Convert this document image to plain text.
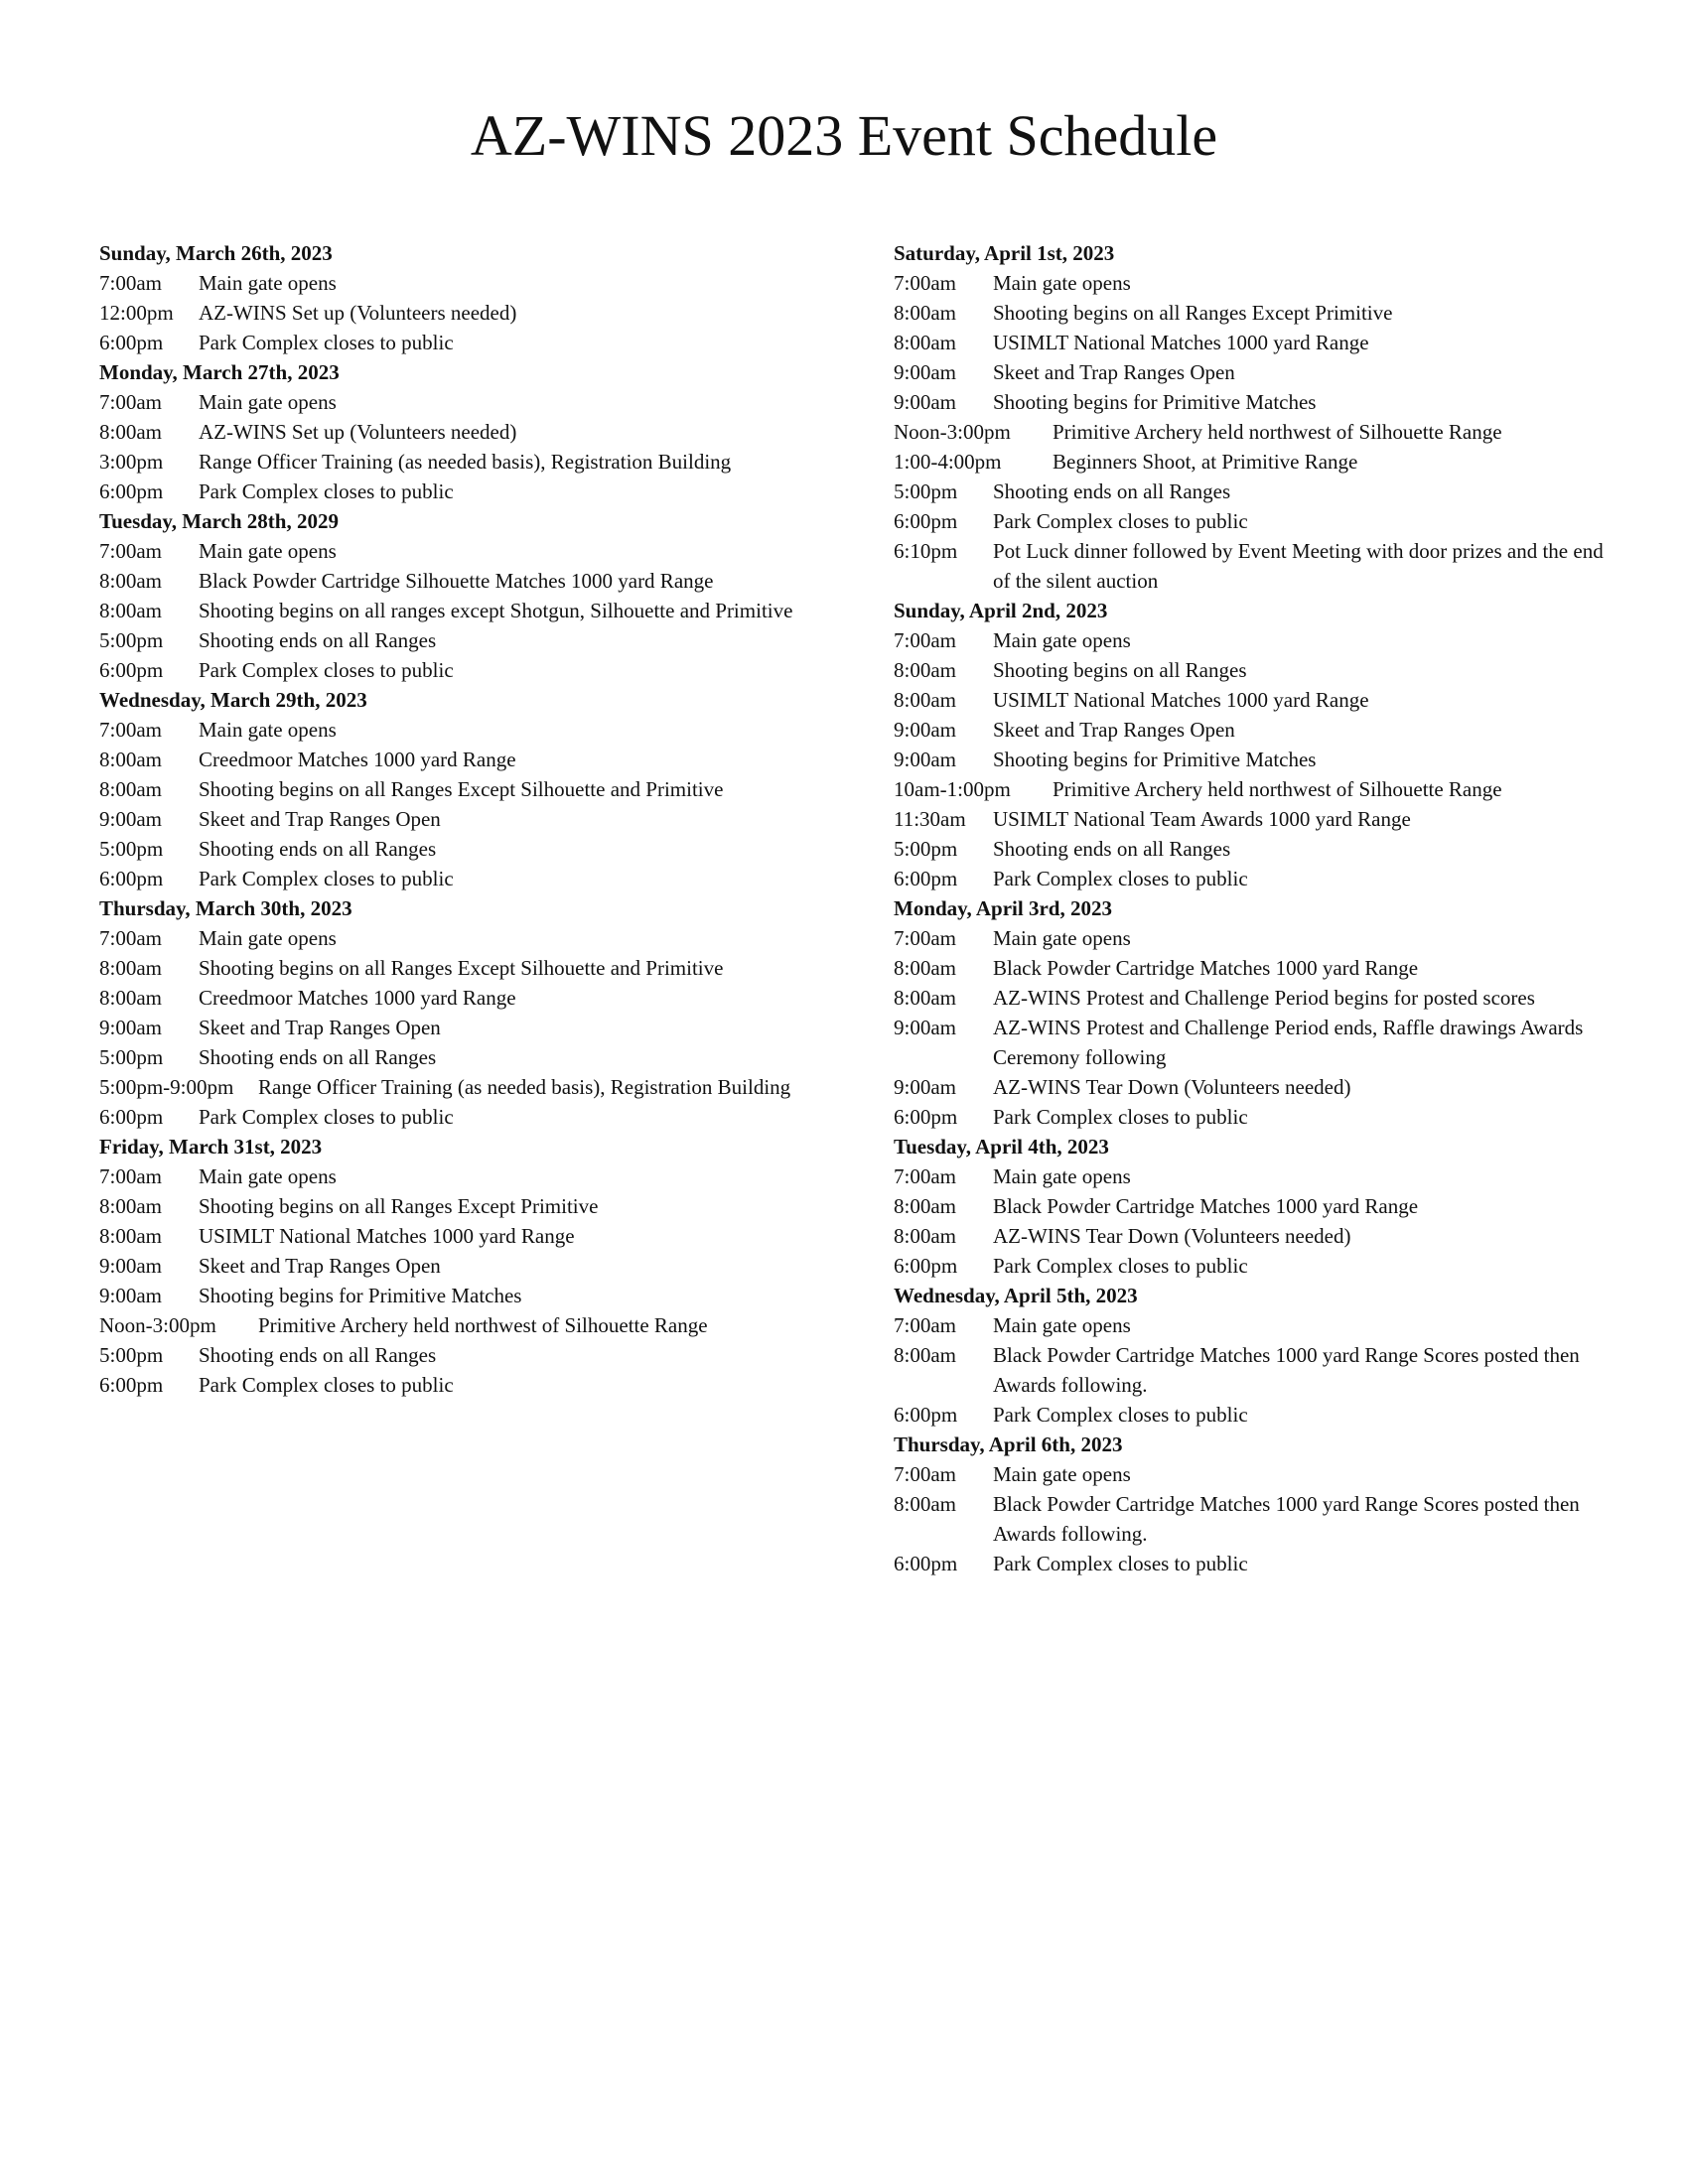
AZ-WINS 2023 Event Schedule
Sunday, March 26th, 2023
7:00am Main gate opens
12:00pm AZ-WINS Set up (Volunteers needed)
6:00pm Park Complex closes to public
Monday, March 27th, 2023
7:00am Main gate opens
8:00am AZ-WINS Set up (Volunteers needed)
3:00pm Range Officer Training (as needed basis), Registration Building
6:00pm Park Complex closes to public
Tuesday, March 28th, 2029
7:00am Main gate opens
8:00am Black Powder Cartridge Silhouette Matches 1000 yard Range
8:00am Shooting begins on all ranges except Shotgun, Silhouette and Primitive
5:00pm Shooting ends on all Ranges
6:00pm Park Complex closes to public
Wednesday, March 29th, 2023
7:00am Main gate opens
8:00am Creedmoor Matches 1000 yard Range
8:00am Shooting begins on all Ranges Except Silhouette and Primitive
9:00am Skeet and Trap Ranges Open
5:00pm Shooting ends on all Ranges
6:00pm Park Complex closes to public
Thursday, March 30th, 2023
7:00am Main gate opens
8:00am Shooting begins on all Ranges Except Silhouette and Primitive
8:00am Creedmoor Matches 1000 yard Range
9:00am Skeet and Trap Ranges Open
5:00pm Shooting ends on all Ranges
5:00pm-9:00pm Range Officer Training (as needed basis), Registration Building
6:00pm Park Complex closes to public
Friday, March 31st, 2023
7:00am Main gate opens
8:00am Shooting begins on all Ranges Except Primitive
8:00am USIMLT National Matches 1000 yard Range
9:00am Skeet and Trap Ranges Open
9:00am Shooting begins for Primitive Matches
Noon-3:00pm Primitive Archery held northwest of Silhouette Range
5:00pm Shooting ends on all Ranges
6:00pm Park Complex closes to public
Saturday, April 1st, 2023
7:00am Main gate opens
8:00am Shooting begins on all Ranges Except Primitive
8:00am USIMLT National Matches 1000 yard Range
9:00am Skeet and Trap Ranges Open
9:00am Shooting begins for Primitive Matches
Noon-3:00pm Primitive Archery held northwest of Silhouette Range
1:00-4:00pm Beginners Shoot, at Primitive Range
5:00pm Shooting ends on all Ranges
6:00pm Park Complex closes to public
6:10pm Pot Luck dinner followed by Event Meeting with door prizes and the end of the silent auction
Sunday, April 2nd, 2023
7:00am Main gate opens
8:00am Shooting begins on all Ranges
8:00am USIMLT National Matches 1000 yard Range
9:00am Skeet and Trap Ranges Open
9:00am Shooting begins for Primitive Matches
10am-1:00pm Primitive Archery held northwest of Silhouette Range
11:30am USIMLT National Team Awards 1000 yard Range
5:00pm Shooting ends on all Ranges
6:00pm Park Complex closes to public
Monday, April 3rd, 2023
7:00am Main gate opens
8:00am Black Powder Cartridge Matches 1000 yard Range
8:00am AZ-WINS Protest and Challenge Period begins for posted scores
9:00am AZ-WINS Protest and Challenge Period ends, Raffle drawings Awards Ceremony following
9:00am AZ-WINS Tear Down (Volunteers needed)
6:00pm Park Complex closes to public
Tuesday, April 4th, 2023
7:00am Main gate opens
8:00am Black Powder Cartridge Matches 1000 yard Range
8:00am AZ-WINS Tear Down (Volunteers needed)
6:00pm Park Complex closes to public
Wednesday, April 5th, 2023
7:00am Main gate opens
8:00am Black Powder Cartridge Matches 1000 yard Range Scores posted then Awards following.
6:00pm Park Complex closes to public
Thursday, April 6th, 2023
7:00am Main gate opens
8:00am Black Powder Cartridge Matches 1000 yard Range Scores posted then Awards following.
6:00pm Park Complex closes to public
